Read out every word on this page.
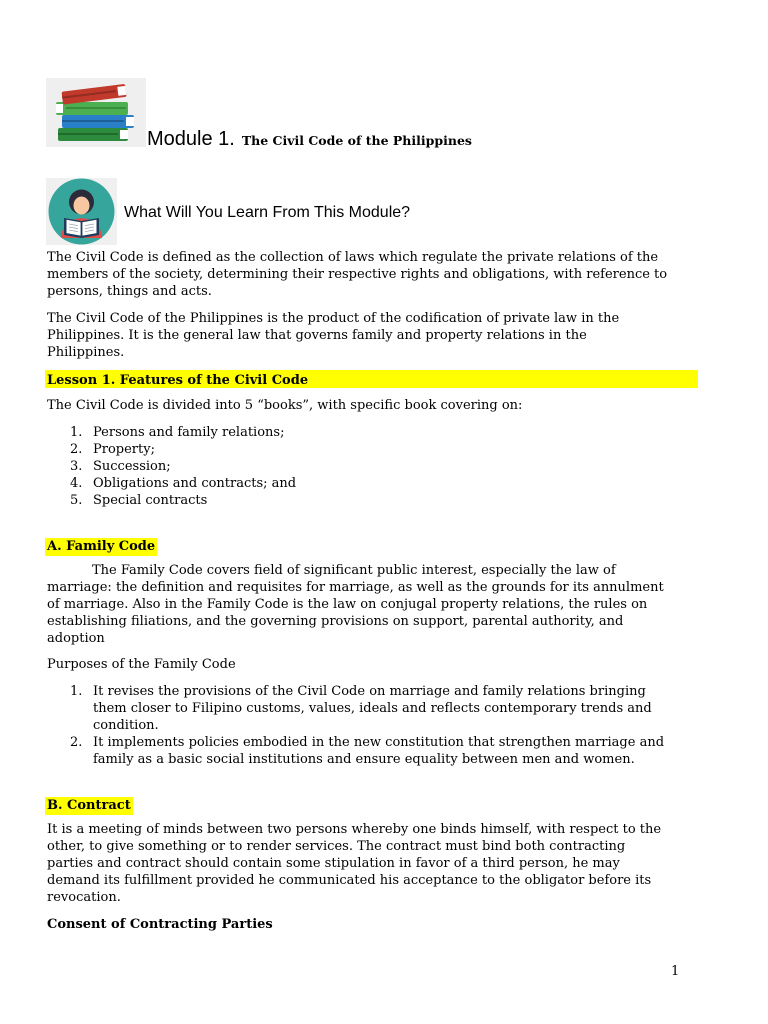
Module 1. The Civil Code of the Philippines
What Will You Learn From This Module?
The Civil Code is defined as the collection of laws which regulate the private relations of the
members of the society, determining their respective rights and obligations, with reference to
persons, things and acts.
The Civil Code of the Philippines is the product of the codification of private law in the
Philippines. It is the general law that governs family and property relations in the
Philippines.
Lesson 1. Features of the Civil Code
The Civil Code is divided into 5 “books”, with specific book covering on:
1. Persons and family relations;
2. Property;
3. Succession;
4. Obligations and contracts; and
5. Special contracts
A. Family Code
The Family Code covers field of significant public interest, especially the law of
marriage: the definition and requisites for marriage, as well as the grounds for its annulment
of marriage. Also in the Family Code is the law on conjugal property relations, the rules on
establishing filiations, and the governing provisions on support, parental authority, and
adoption
Purposes of the Family Code
1. It revises the provisions of the Civil Code on marriage and family relations bringing
them closer to Filipino customs, values, ideals and reflects contemporary trends and
condition.
2. It implements policies embodied in the new constitution that strengthen marriage and
family as a basic social institutions and ensure equality between men and women.
B. Contract
It is a meeting of minds between two persons whereby one binds himself, with respect to the
other, to give something or to render services. The contract must bind both contracting
parties and contract should contain some stipulation in favor of a third person, he may
demand its fulfillment provided he communicated his acceptance to the obligator before its
revocation.
Consent of Contracting Parties
1
